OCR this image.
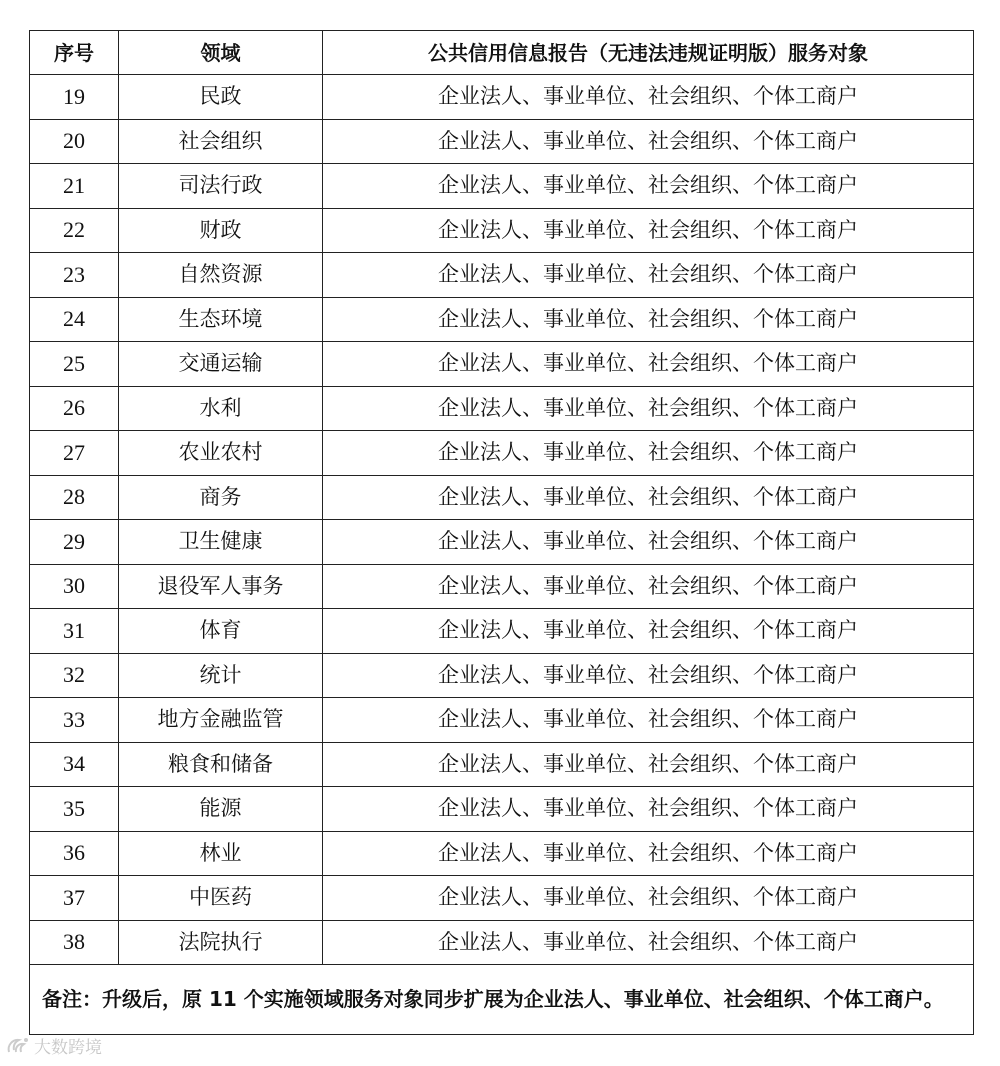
序号	领域	公共信用信息报告（无违法违规证明版）服务对象
19	民政	企业法人、事业单位、社会组织、个体工商户
20	社会组织	企业法人、事业单位、社会组织、个体工商户
21	司法行政	企业法人、事业单位、社会组织、个体工商户
22	财政	企业法人、事业单位、社会组织、个体工商户
23	自然资源	企业法人、事业单位、社会组织、个体工商户
24	生态环境	企业法人、事业单位、社会组织、个体工商户
25	交通运输	企业法人、事业单位、社会组织、个体工商户
26	水利	企业法人、事业单位、社会组织、个体工商户
27	农业农村	企业法人、事业单位、社会组织、个体工商户
28	商务	企业法人、事业单位、社会组织、个体工商户
29	卫生健康	企业法人、事业单位、社会组织、个体工商户
30	退役军人事务	企业法人、事业单位、社会组织、个体工商户
31	体育	企业法人、事业单位、社会组织、个体工商户
32	统计	企业法人、事业单位、社会组织、个体工商户
33	地方金融监管	企业法人、事业单位、社会组织、个体工商户
34	粮食和储备	企业法人、事业单位、社会组织、个体工商户
35	能源	企业法人、事业单位、社会组织、个体工商户
36	林业	企业法人、事业单位、社会组织、个体工商户
37	中医药	企业法人、事业单位、社会组织、个体工商户
38	法院执行	企业法人、事业单位、社会组织、个体工商户
备注：升级后，原 11 个实施领域服务对象同步扩展为企业法人、事业单位、社会组织、个体工商户。		
大数跨境
